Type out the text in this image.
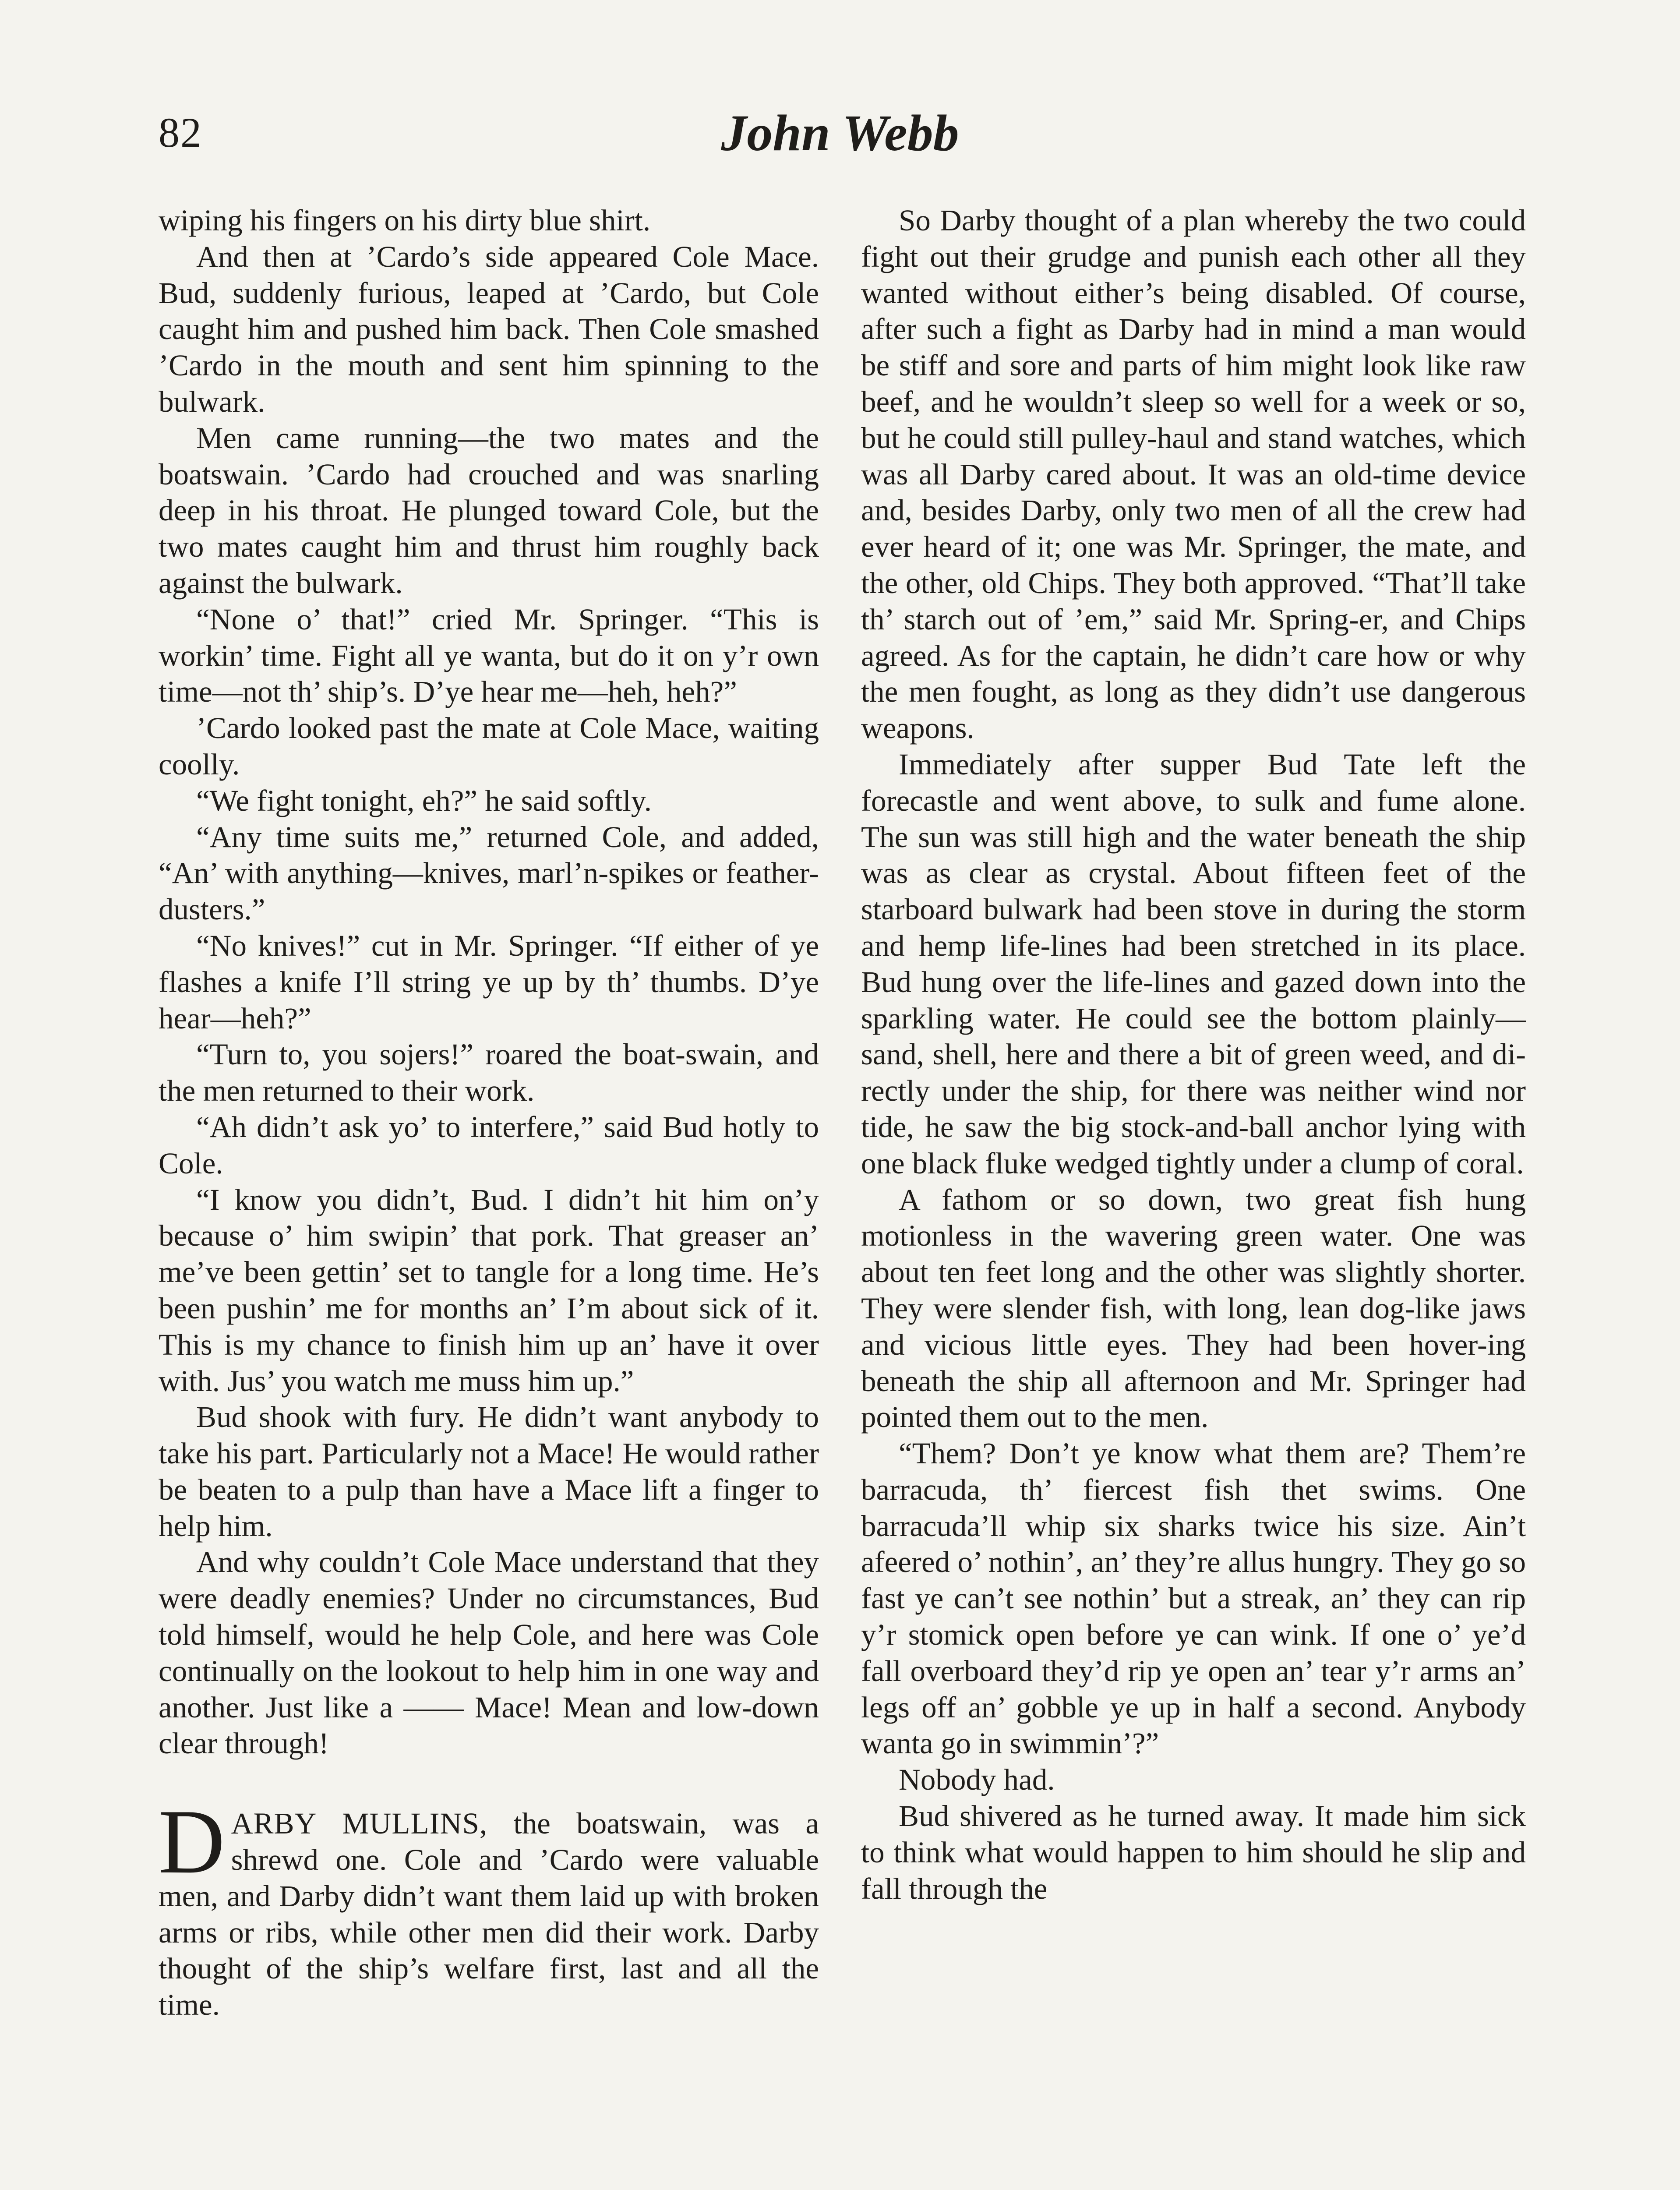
82	John Webb

wiping his fingers on his dirty blue shirt.

And then at ’Cardo’s side appeared Cole Mace. Bud, suddenly furious, leaped at ’Cardo, but Cole caught him and pushed him back. Then Cole smashed ’Cardo in the mouth and sent him spinning to the bulwark.

Men came running—the two mates and the boatswain. ’Cardo had crouched and was snarling deep in his throat. He plunged toward Cole, but the two mates caught him and thrust him roughly back against the bulwark.

“None o’ that!” cried Mr. Springer. “This is workin’ time. Fight all ye wanta, but do it on y’r own time—not th’ ship’s. D’ye hear me—heh, heh?”

’Cardo looked past the mate at Cole Mace, waiting coolly.

“We fight tonight, eh?” he said softly.

“Any time suits me,” returned Cole, and added, “An’ with anything—knives, marl’n-spikes or feather-dusters.”

“No knives!” cut in Mr. Springer. “If either of ye flashes a knife I’ll string ye up by th’ thumbs. D’ye hear—heh?”

“Turn to, you sojers!” roared the boat-swain, and the men returned to their work.

“Ah didn’t ask yo’ to interfere,” said Bud hotly to Cole.

“I know you didn’t, Bud. I didn’t hit him on’y because o’ him swipin’ that pork. That greaser an’ me’ve been gettin’ set to tangle for a long time. He’s been pushin’ me for months an’ I’m about sick of it. This is my chance to finish him up an’ have it over with. Jus’ you watch me muss him up.”

Bud shook with fury. He didn’t want anybody to take his part. Particularly not a Mace! He would rather be beaten to a pulp than have a Mace lift a finger to help him.

And why couldn’t Cole Mace understand that they were deadly enemies? Under no circumstances, Bud told himself, would he help Cole, and here was Cole continually on the lookout to help him in one way and another. Just like a —— Mace! Mean and low-down clear through!

DARBY MULLINS, the boatswain, was a shrewd one. Cole and ’Cardo were valuable men, and Darby didn’t want them laid up with broken arms or ribs, while other men did their work. Darby thought of the ship’s welfare first, last and all the time.

So Darby thought of a plan whereby the two could fight out their grudge and punish each other all they wanted without either’s being disabled. Of course, after such a fight as Darby had in mind a man would be stiff and sore and parts of him might look like raw beef, and he wouldn’t sleep so well for a week or so, but he could still pulley-haul and stand watches, which was all Darby cared about. It was an old-time device and, besides Darby, only two men of all the crew had ever heard of it; one was Mr. Springer, the mate, and the other, old Chips. They both approved. “That’ll take th’ starch out of ’em,” said Mr. Spring-er, and Chips agreed. As for the captain, he didn’t care how or why the men fought, as long as they didn’t use dangerous weapons.

Immediately after supper Bud Tate left the forecastle and went above, to sulk and fume alone. The sun was still high and the water beneath the ship was as clear as crystal. About fifteen feet of the starboard bulwark had been stove in during the storm and hemp life-lines had been stretched in its place. Bud hung over the life-lines and gazed down into the sparkling water. He could see the bottom plainly—sand, shell, here and there a bit of green weed, and di-rectly under the ship, for there was neither wind nor tide, he saw the big stock-and-ball anchor lying with one black fluke wedged tightly under a clump of coral.

A fathom or so down, two great fish hung motionless in the wavering green water. One was about ten feet long and the other was slightly shorter. They were slender fish, with long, lean dog-like jaws and vicious little eyes. They had been hover-ing beneath the ship all afternoon and Mr. Springer had pointed them out to the men.

“Them? Don’t ye know what them are? Them’re barracuda, th’ fiercest fish thet swims. One barracuda’ll whip six sharks twice his size. Ain’t afeered o’ nothin’, an’ they’re allus hungry. They go so fast ye can’t see nothin’ but a streak, an’ they can rip y’r stomick open before ye can wink. If one o’ ye’d fall overboard they’d rip ye open an’ tear y’r arms an’ legs off an’ gobble ye up in half a second. Anybody wanta go in swimmin’?”

Nobody had.

Bud shivered as he turned away. It made him sick to think what would happen to him should he slip and fall through the
